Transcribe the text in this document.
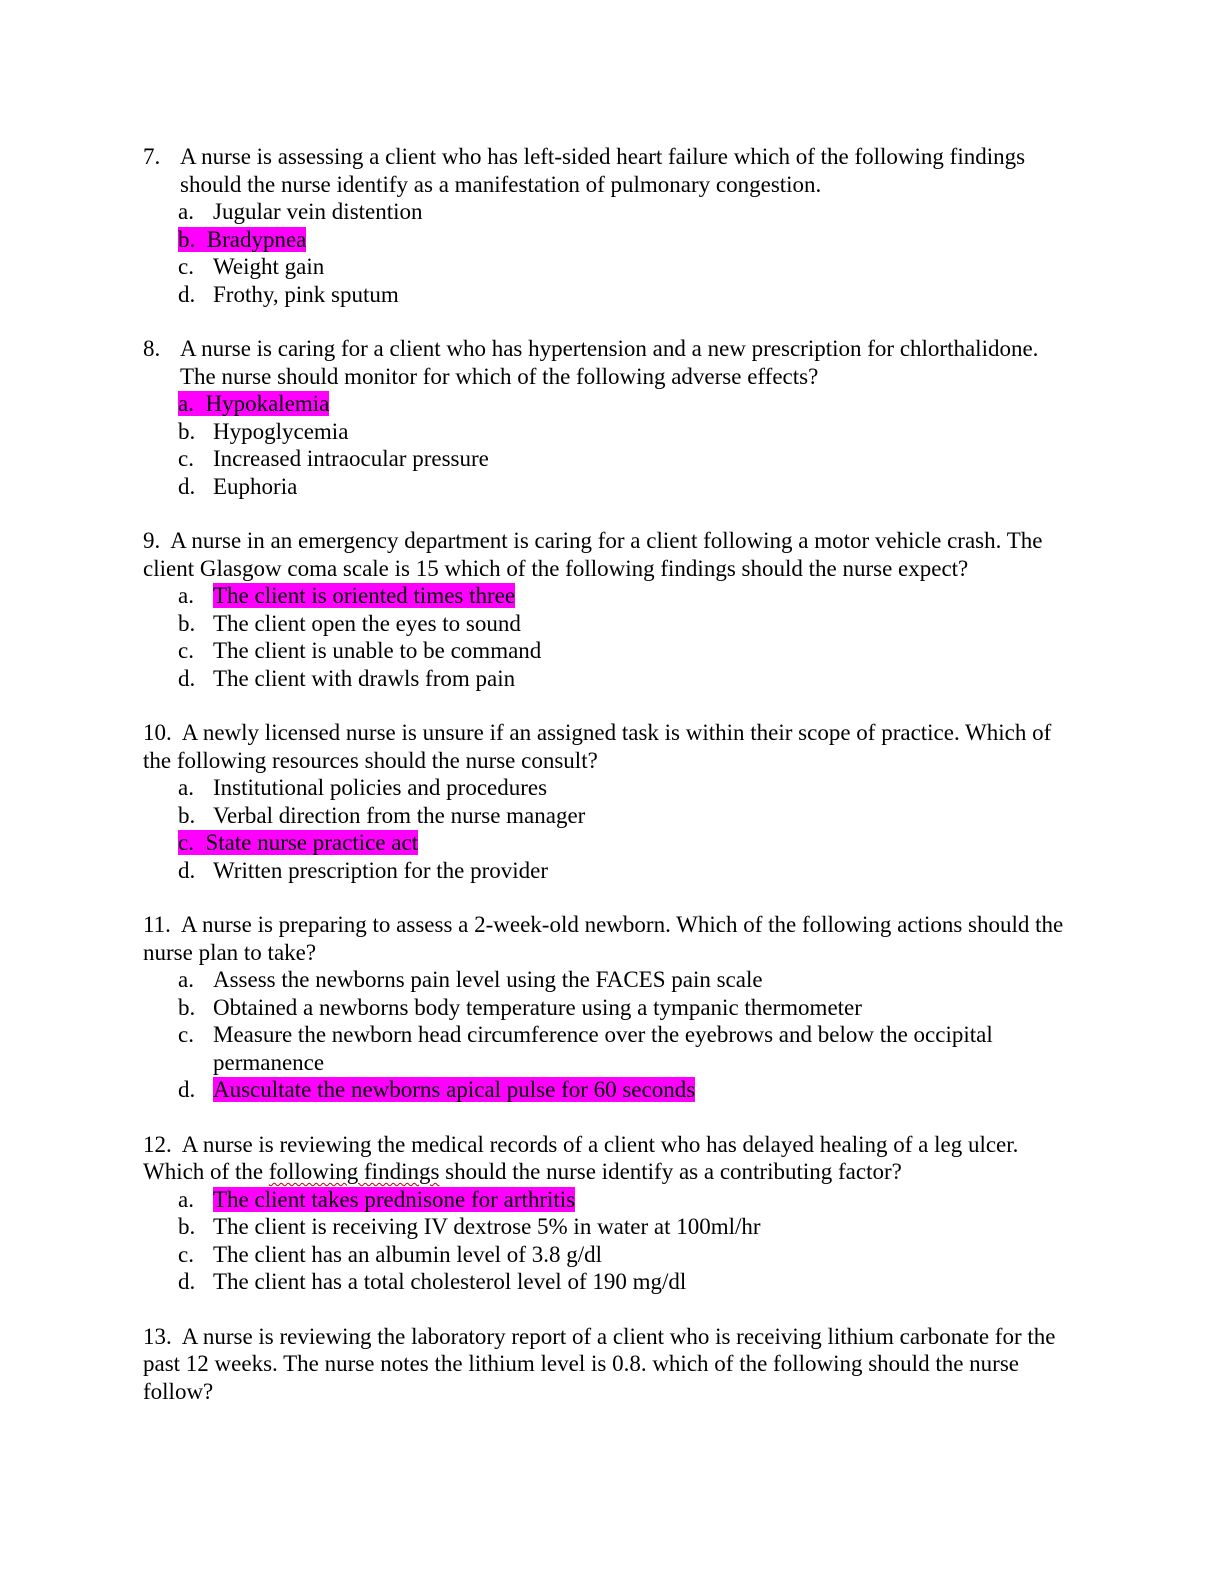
7. A nurse is assessing a client who has left-sided heart failure which of the following findings should the nurse identify as a manifestation of pulmonary congestion.

a. Jugular vein distention

b.  Bradypnea

c. Weight gain

d. Frothy, pink sputum

8. A nurse is caring for a client who has hypertension and a new prescription for chlorthalidone. The nurse should monitor for which of the following adverse effects?

a.  Hypokalemia

b. Hypoglycemia

c. Increased intraocular pressure

d. Euphoria

9. A nurse in an emergency department is caring for a client following a motor vehicle crash. The client Glasgow coma scale is 15 which of the following findings should the nurse expect?

a. The client is oriented times three

b. The client open the eyes to sound

c. The client is unable to be command

d. The client with drawls from pain

10. A newly licensed nurse is unsure if an assigned task is within their scope of practice. Which of the following resources should the nurse consult?

a. Institutional policies and procedures

b. Verbal direction from the nurse manager

c.  State nurse practice act

d. Written prescription for the provider

11. A nurse is preparing to assess a 2-week-old newborn. Which of the following actions should the nurse plan to take?

a. Assess the newborns pain level using the FACES pain scale

b. Obtained a newborns body temperature using a tympanic thermometer

c. Measure the newborn head circumference over the eyebrows and below the occipital permanence

d. Auscultate the newborns apical pulse for 60 seconds

12. A nurse is reviewing the medical records of a client who has delayed healing of a leg ulcer. Which of the following findings should the nurse identify as a contributing factor?

a. The client takes prednisone for arthritis

b. The client is receiving IV dextrose 5% in water at 100ml/hr

c. The client has an albumin level of 3.8 g/dl

d. The client has a total cholesterol level of 190 mg/dl

13. A nurse is reviewing the laboratory report of a client who is receiving lithium carbonate for the past 12 weeks. The nurse notes the lithium level is 0.8. which of the following should the nurse follow?
